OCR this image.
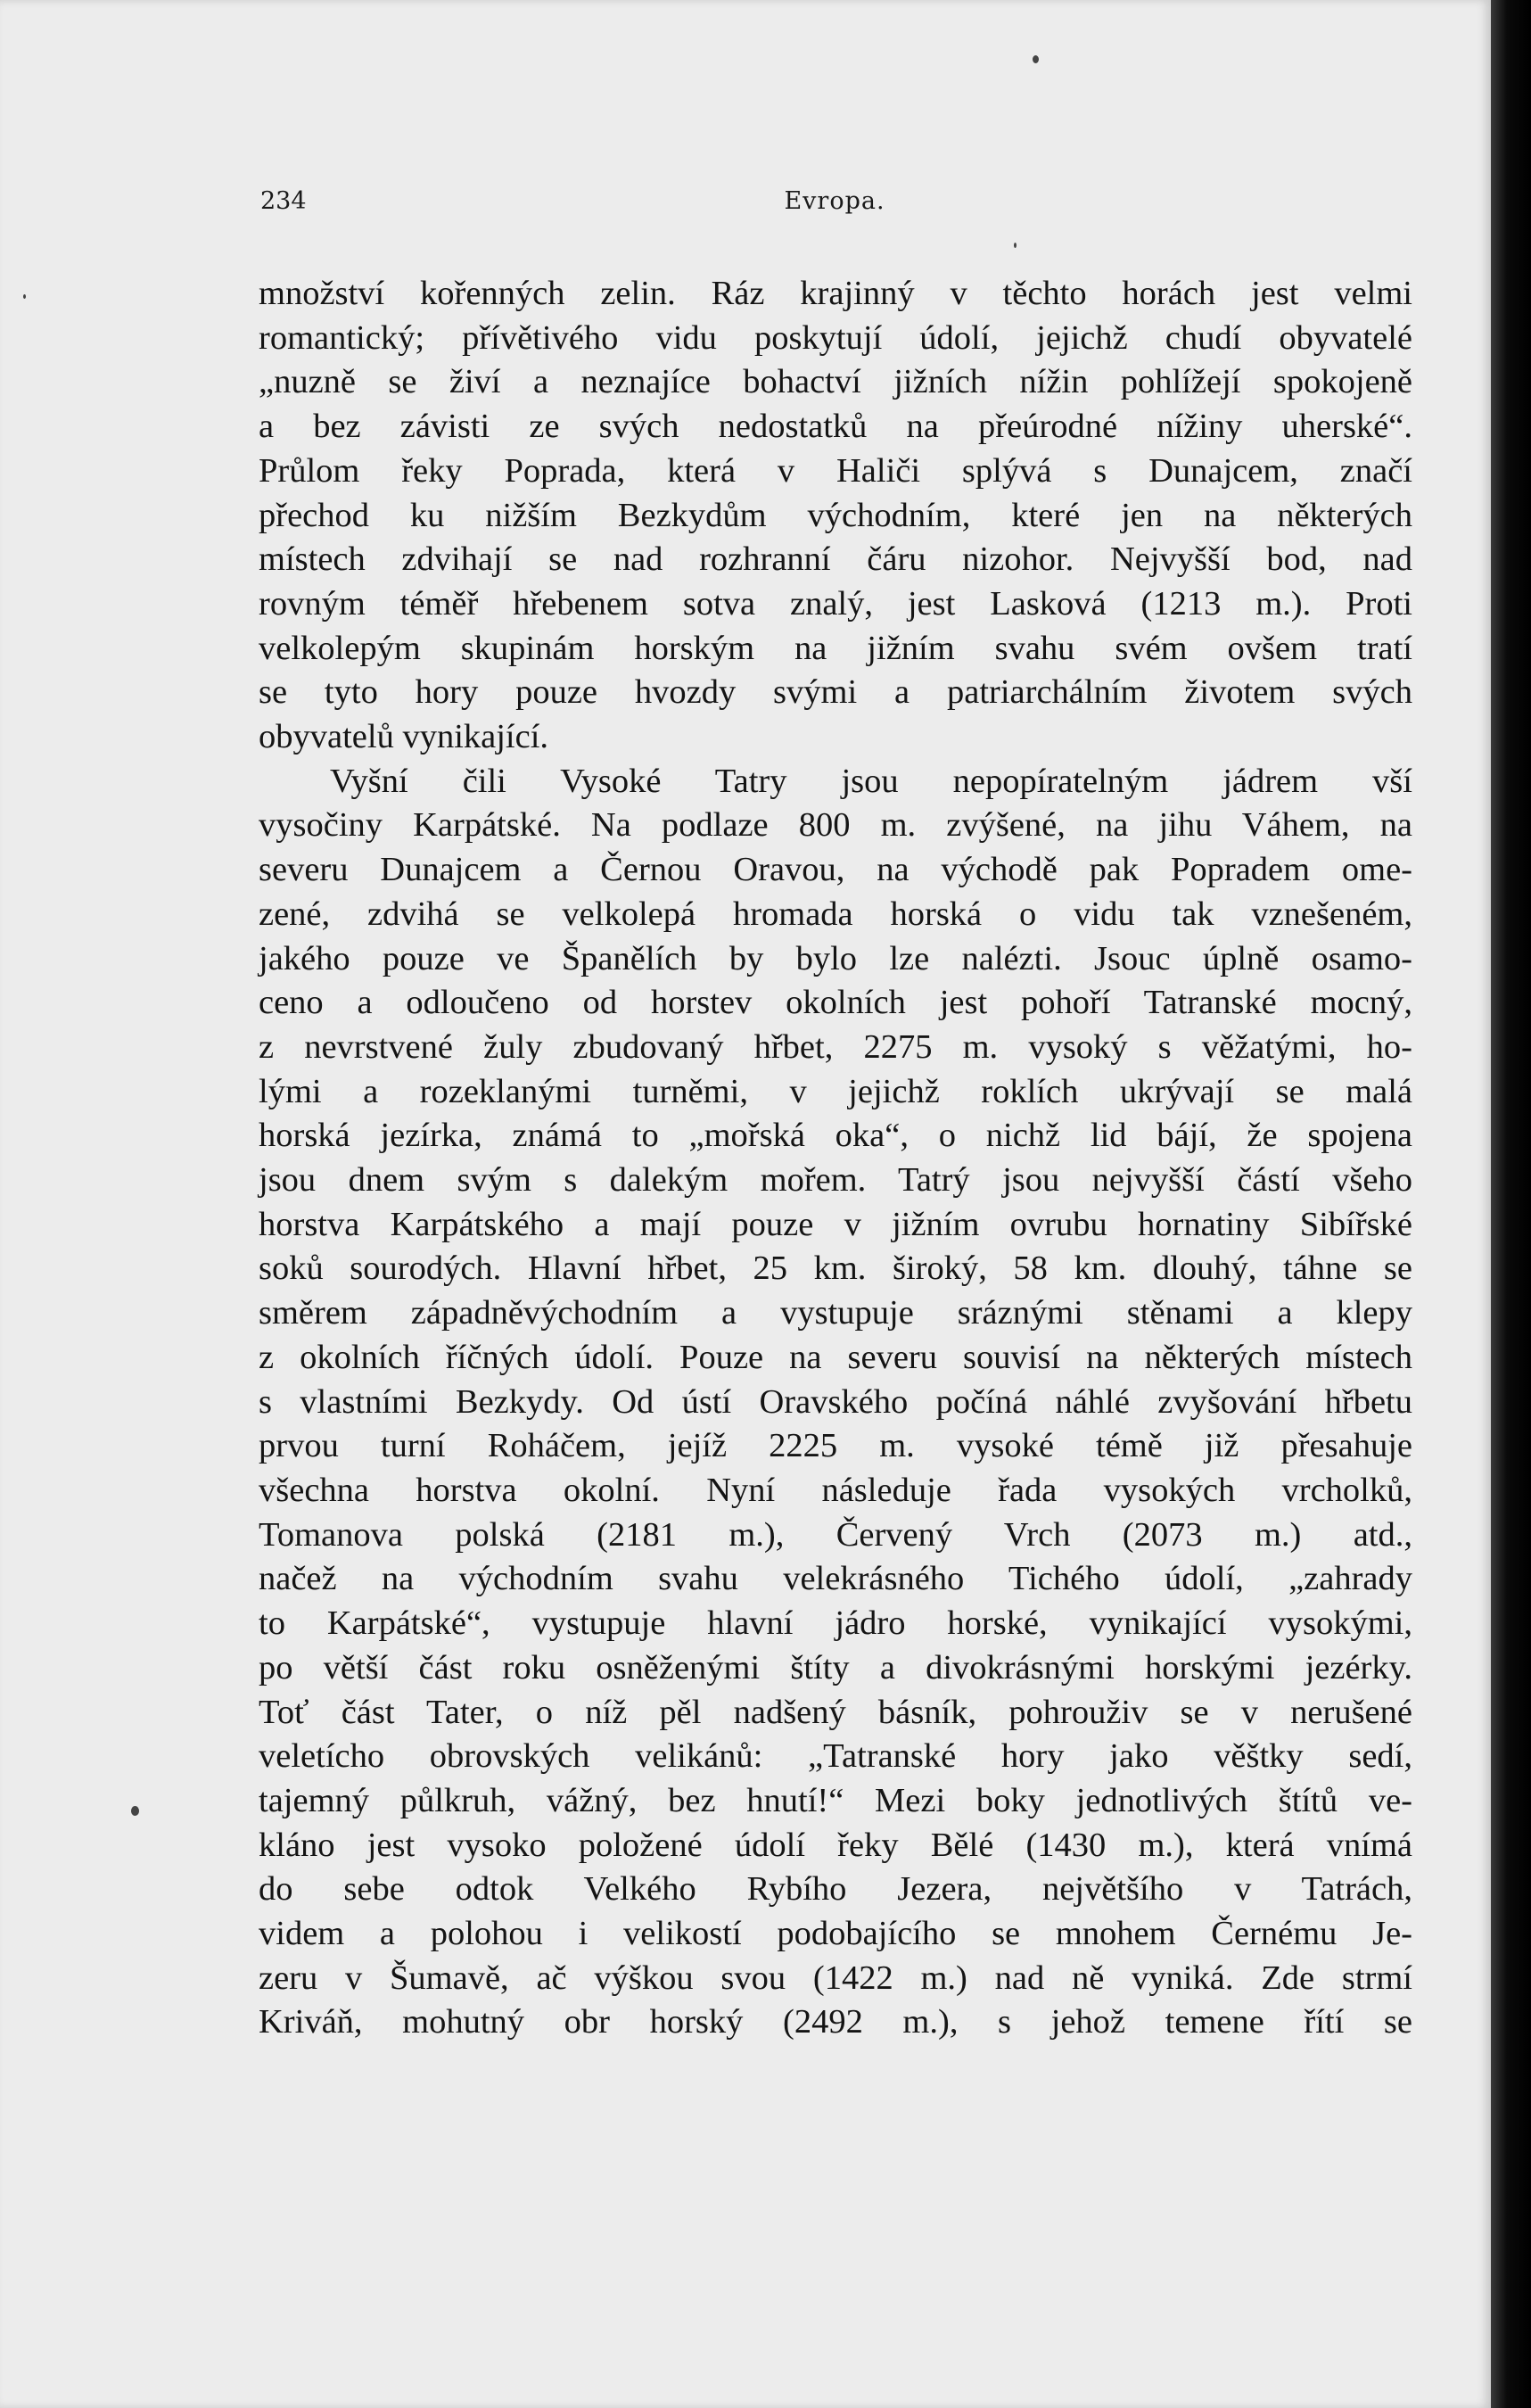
234	Evropa.
množství kořenných zelin. Ráz krajinný v těchto horách jest velmi
romantický; přívětivého vidu poskytují údolí, jejichž chudí obyvatelé
„nuzně se živí a neznajíce bohactví jižních nížin pohlížejí spokojeně
a bez závisti ze svých nedostatků na přeúrodné nížiny uherské“.
Průlom řeky Poprada, která v Haliči splývá s Dunajcem, značí
přechod ku nižším Bezkydům východním, které jen na některých
místech zdvihají se nad rozhranní čáru nizohor. Nejvyšší bod, nad
rovným téměř hřebenem sotva znalý, jest Lasková (1213 m.). Proti
velkolepým skupinám horským na jižním svahu svém ovšem tratí
se tyto hory pouze hvozdy svými a patriarchálním životem svých
obyvatelů vynikající.
Vyšní čili Vysoké Tatry jsou nepopíratelným jádrem vší
vysočiny Karpátské. Na podlaze 800 m. zvýšené, na jihu Váhem, na
severu Dunajcem a Černou Oravou, na východě pak Popradem ome-
zené, zdvihá se velkolepá hromada horská o vidu tak vznešeném,
jakého pouze ve Španělích by bylo lze nalézti. Jsouc úplně osamo-
ceno a odloučeno od horstev okolních jest pohoří Tatranské mocný,
z nevrstvené žuly zbudovaný hřbet, 2275 m. vysoký s věžatými, ho-
lými a rozeklanými turněmi, v jejichž roklích ukrývají se malá
horská jezírka, známá to „mořská oka“, o nichž lid bájí, že spojena
jsou dnem svým s dalekým mořem. Tatrý jsou nejvyšší částí všeho
horstva Karpátského a mají pouze v jižním ovrubu hornatiny Sibířské
soků sourodých. Hlavní hřbet, 25 km. široký, 58 km. dlouhý, táhne se
směrem západněvýchodním a vystupuje sráznými stěnami a klepy
z okolních říčných údolí. Pouze na severu souvisí na některých místech
s vlastními Bezkydy. Od ústí Oravského počíná náhlé zvyšování hřbetu
prvou turní Roháčem, jejíž 2225 m. vysoké témě již přesahuje
všechna horstva okolní. Nyní následuje řada vysokých vrcholků,
Tomanova polská (2181 m.), Červený Vrch (2073 m.) atd.,
načež na východním svahu velekrásného Tichého údolí, „zahrady
to Karpátské“, vystupuje hlavní jádro horské, vynikající vysokými,
po větší část roku osněženými štíty a divokrásnými horskými jezérky.
Toť část Tater, o níž pěl nadšený básník, pohrouživ se v nerušené
veletícho obrovských velikánů: „Tatranské hory jako věštky sedí,
tajemný půlkruh, vážný, bez hnutí!“ Mezi boky jednotlivých štítů ve-
kláno jest vysoko položené údolí řeky Bělé (1430 m.), která vnímá
do sebe odtok Velkého Rybího Jezera, největšího v Tatrách,
videm a polohou i velikostí podobajícího se mnohem Černému Je-
zeru v Šumavě, ač výškou svou (1422 m.) nad ně vyniká. Zde strmí
Kriváň, mohutný obr horský (2492 m.), s jehož temene řítí se
